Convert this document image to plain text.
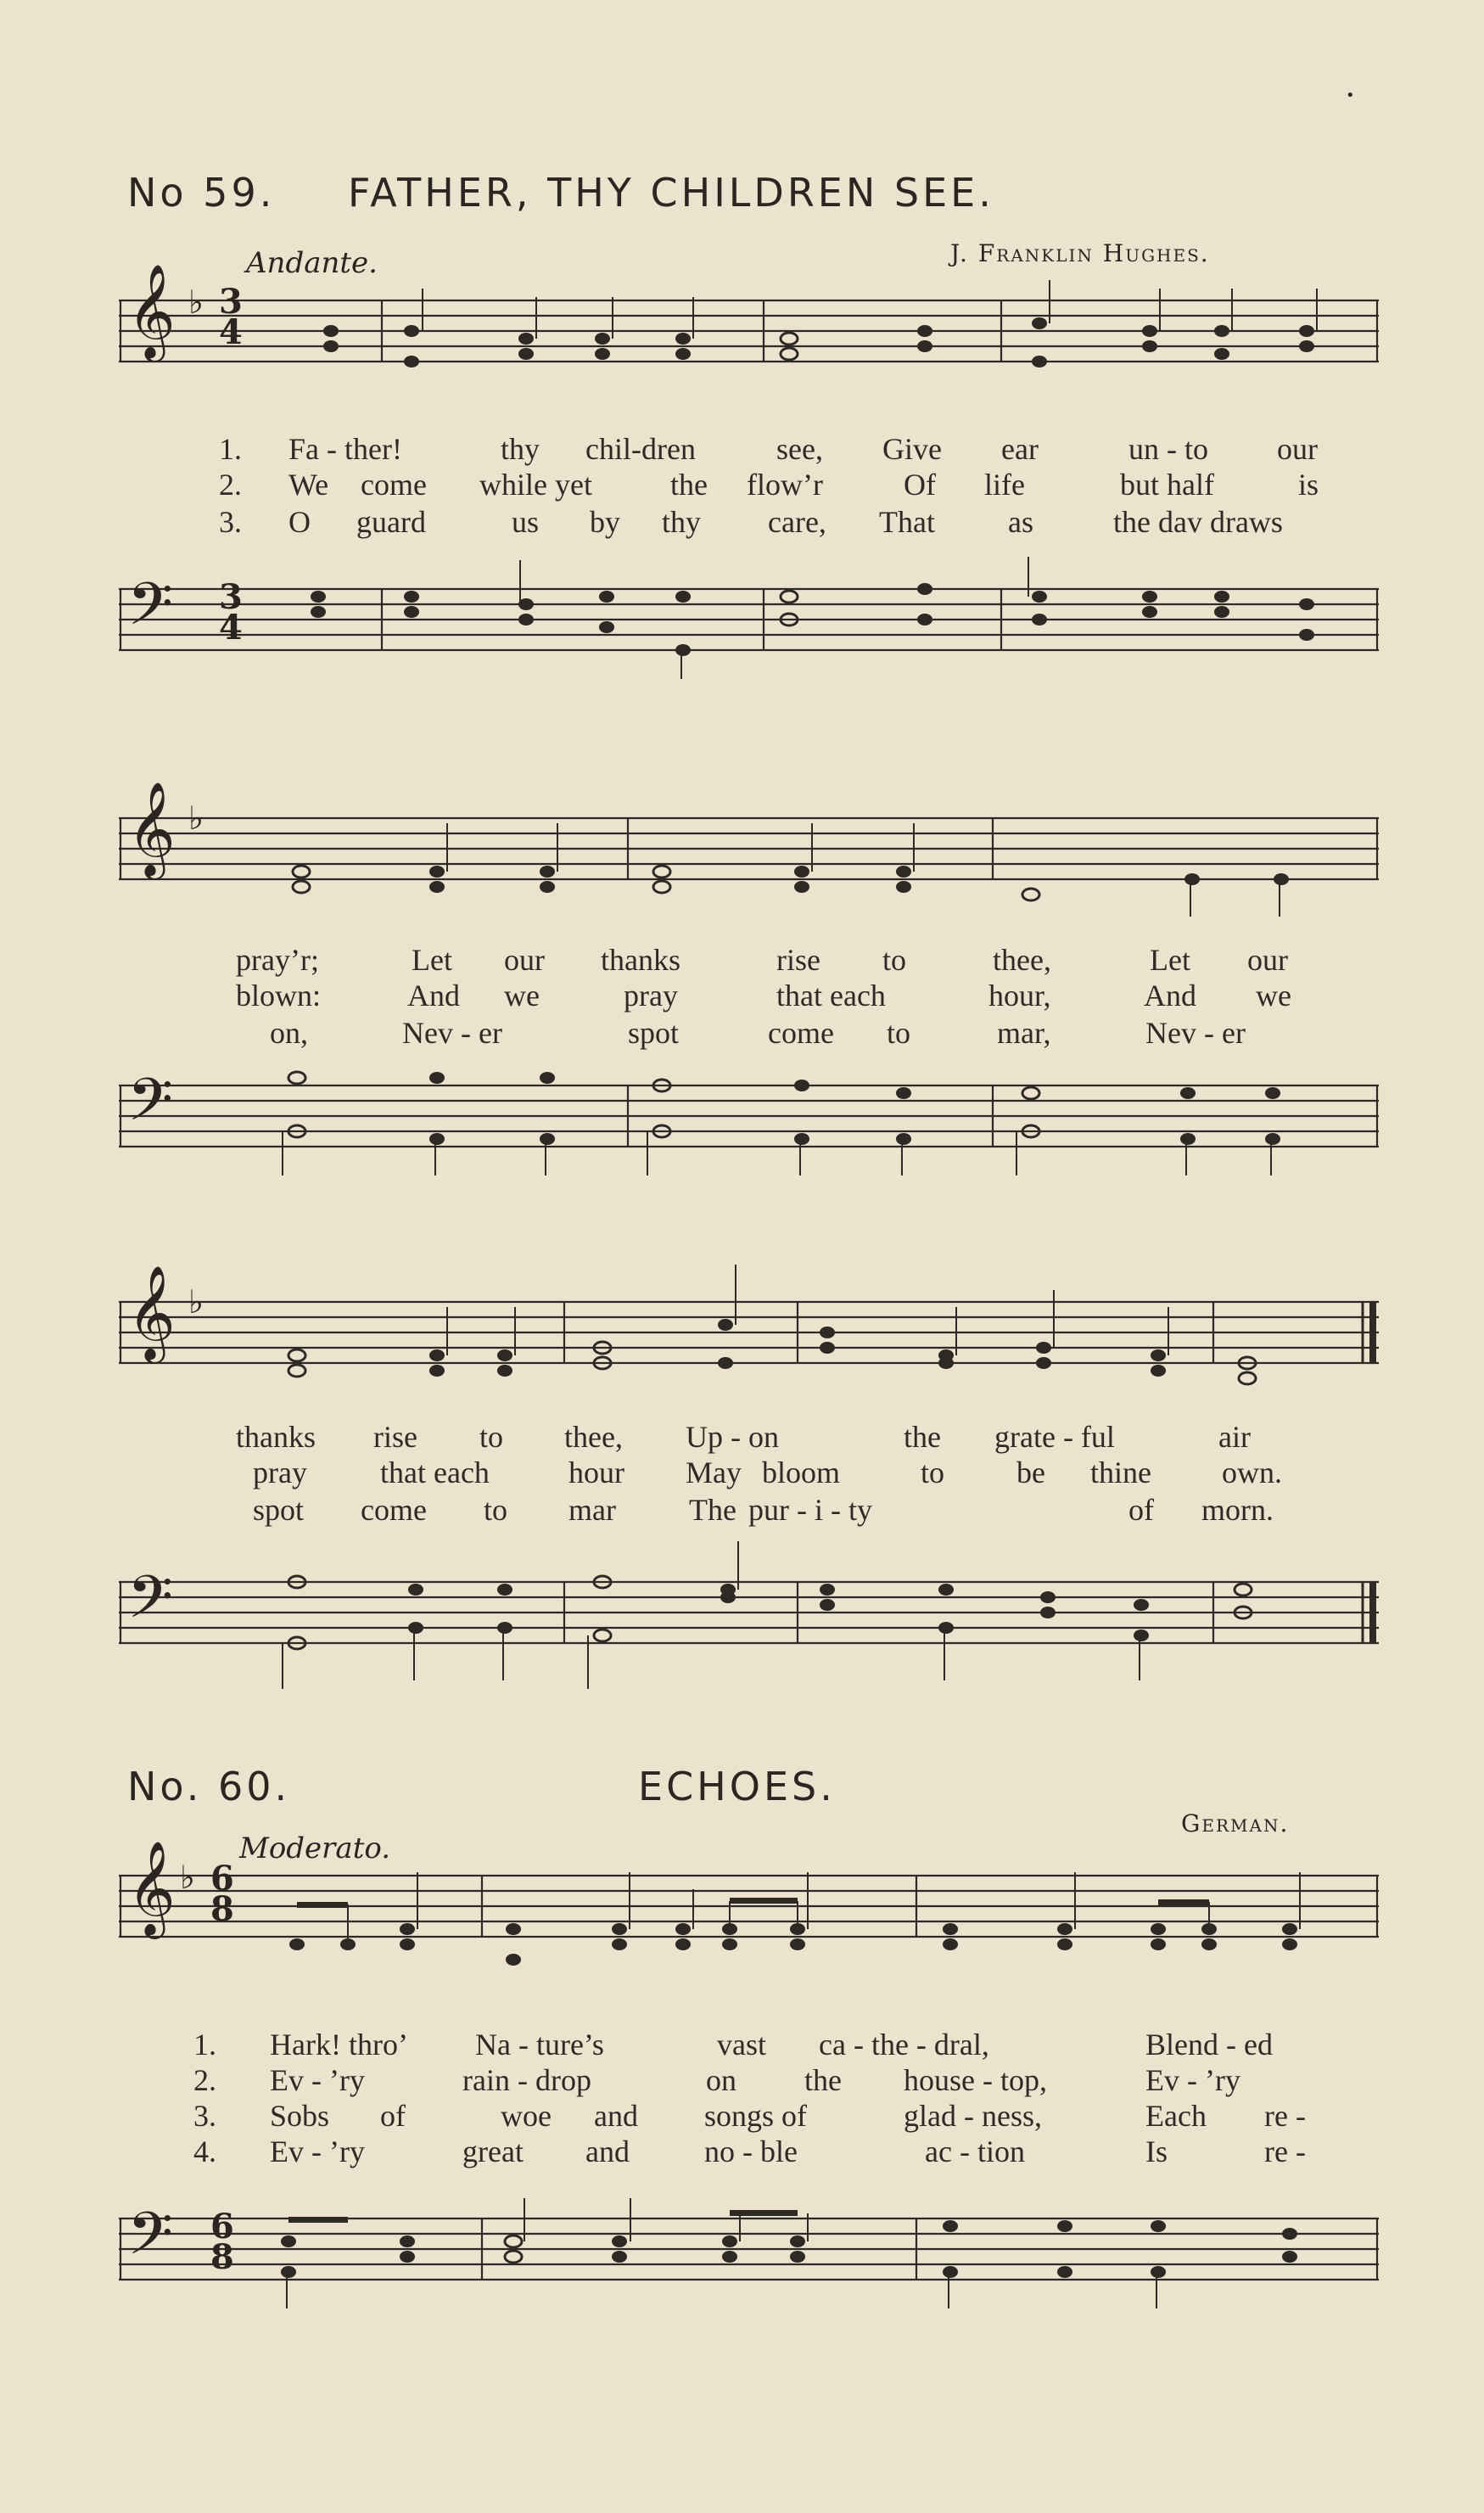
•
No 59. FATHER, THY CHILDREN SEE.
Andante.	J. Franklin Hughes.
𝄞 ♭ 3
4
1.
2.
3.
Fa - ther!	thy chil-dren	see, Give ear	un - to our
We come while yet	the flow’r	Of life	but half	is
O guard	us by thy care, That as	the dav draws
𝄢 3
4
𝄞 ♭
pray’r;	Let our thanks	rise to	thee,	Let our
blown:	And we	pray	that each	hour,	And we
on,	Nev - er	spot	come to	mar,	Nev - er
𝄢
𝄞 ♭
thanks rise to thee, Up - on	the grate - ful	air
pray that each	hour May bloom	to be thine own.
spot come to mar The pur - i - ty	of morn.
𝄢
No. 60.	ECHOES.
Moderato.
German.
𝄞 ♭ 6
8
1.
2.
3.
4.
Hark! thro’ Na - ture’s	vast ca - the - dral,	Blend - ed
Ev - ’ry	rain - drop	on the house - top,	Ev - ’ry
Sobs of	woe and songs of	glad - ness,	Each re -
Ev - ’ry	great and no - ble	ac - tion	Is	re -
𝄢 6
8
